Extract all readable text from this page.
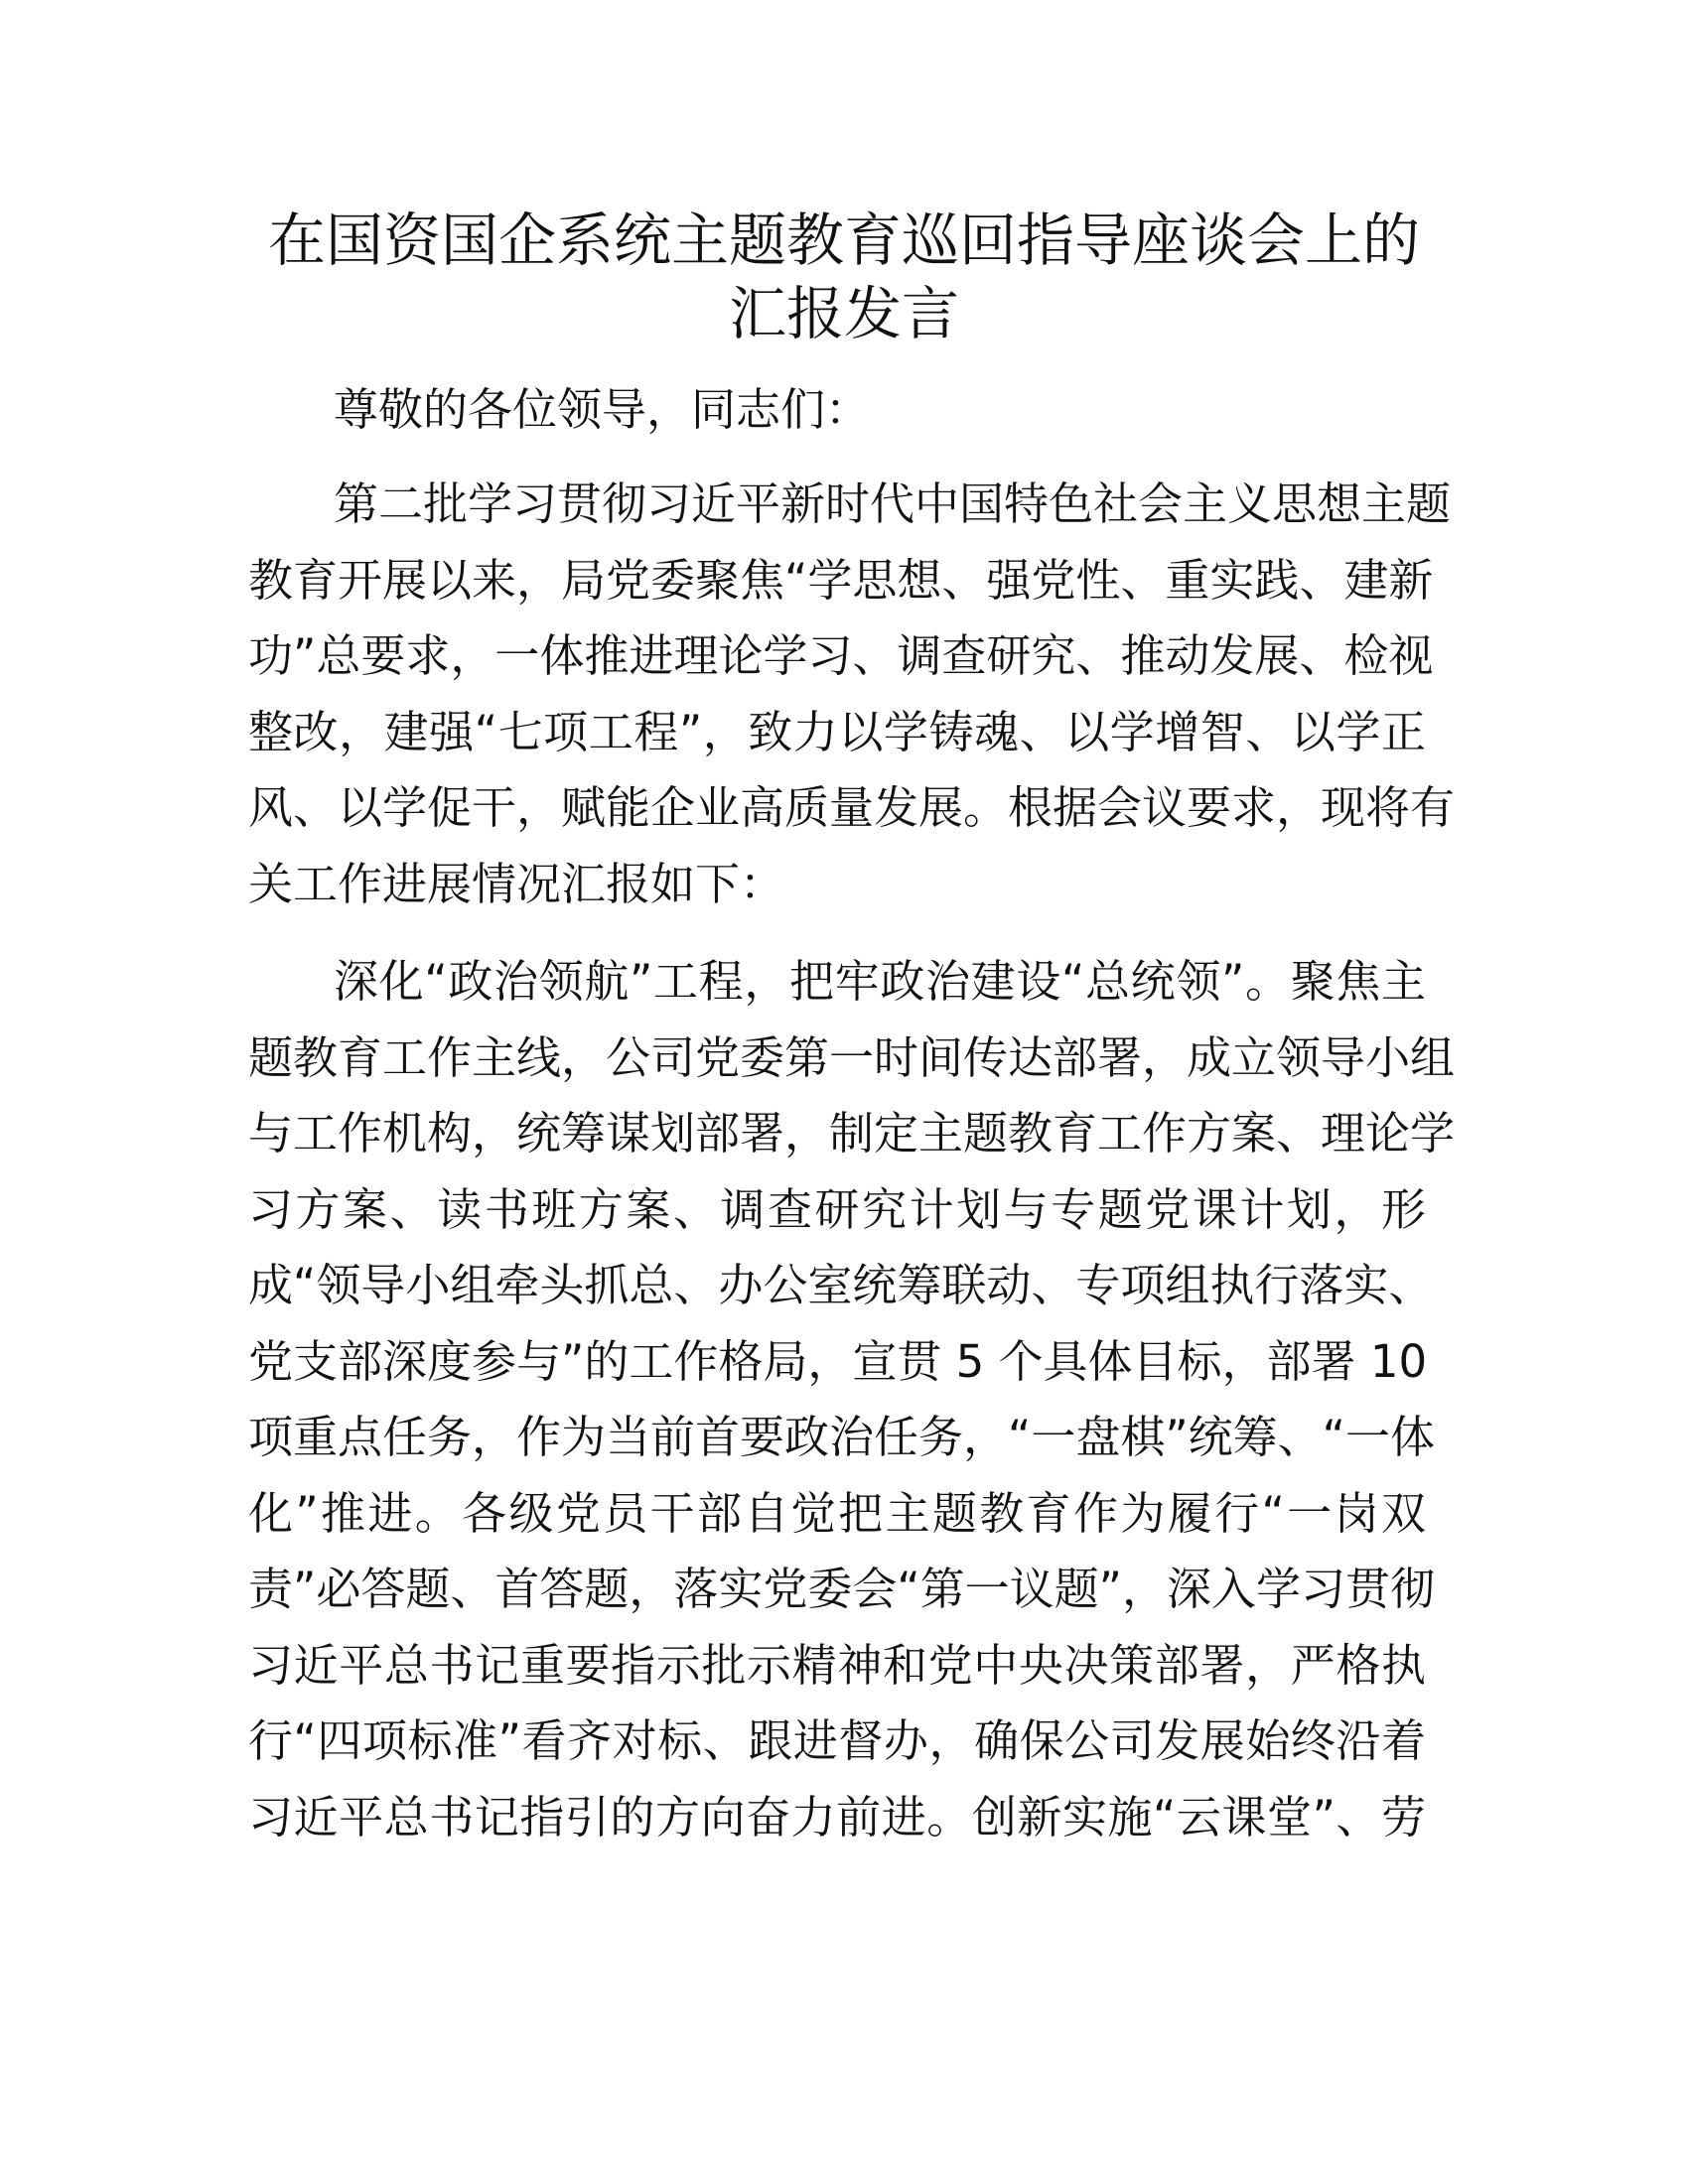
在国资国企系统主题教育巡回指导座谈会上的
汇报发言
尊敬的各位领导，同志们：
第二批学习贯彻习近平新时代中国特色社会主义思想主题
教育开展以来，局党委聚焦“学思想、强党性、重实践、建新
功”总要求，一体推进理论学习、调查研究、推动发展、检视
整改，建强“七项工程”，致力以学铸魂、以学增智、以学正
风、以学促干，赋能企业高质量发展。根据会议要求，现将有
关工作进展情况汇报如下：
深化“政治领航”工程，把牢政治建设“总统领”。聚焦主
题教育工作主线，公司党委第一时间传达部署，成立领导小组
与工作机构，统筹谋划部署，制定主题教育工作方案、理论学
习方案、读书班方案、调查研究计划与专题党课计划，形
成“领导小组牵头抓总、办公室统筹联动、专项组执行落实、
党支部深度参与”的工作格局，宣贯 5 个具体目标，部署 10
项重点任务，作为当前首要政治任务，“一盘棋”统筹、“一体
化”推进。各级党员干部自觉把主题教育作为履行“一岗双
责”必答题、首答题，落实党委会“第一议题”，深入学习贯彻
习近平总书记重要指示批示精神和党中央决策部署，严格执
行“四项标准”看齐对标、跟进督办，确保公司发展始终沿着
习近平总书记指引的方向奋力前进。创新实施“云课堂”、劳
